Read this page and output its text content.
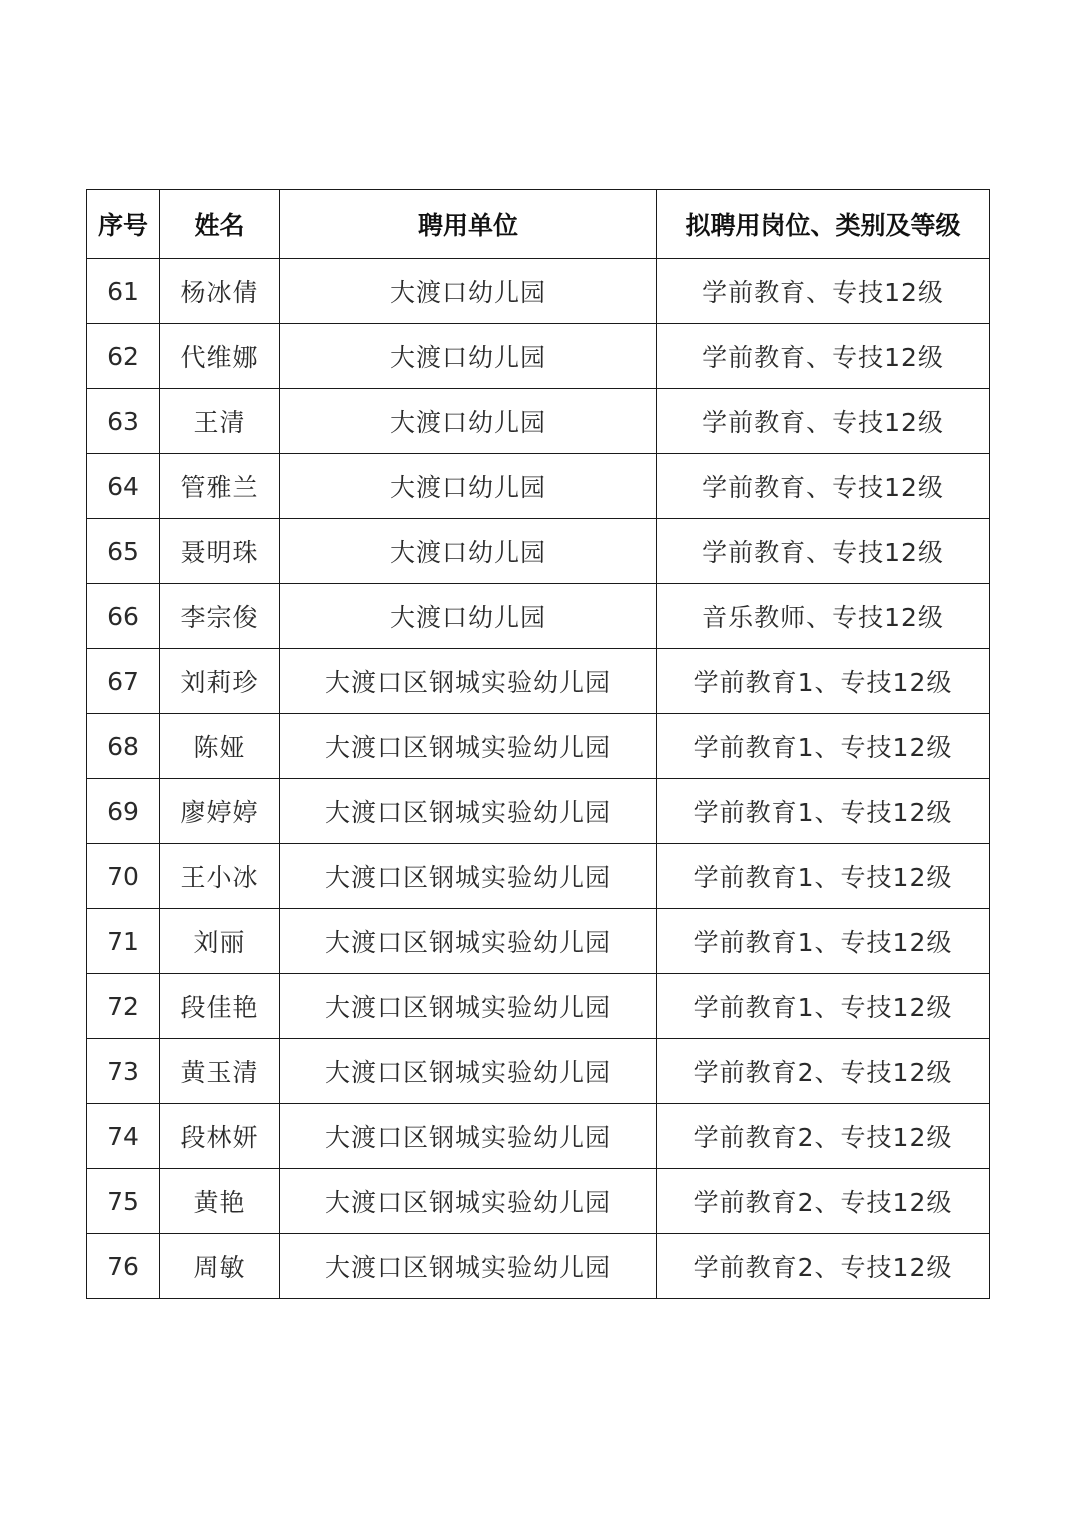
序号	姓名	聘用单位	拟聘用岗位、类别及等级
61	杨冰倩	大渡口幼儿园	学前教育、专技12级
62	代维娜	大渡口幼儿园	学前教育、专技12级
63	王清	大渡口幼儿园	学前教育、专技12级
64	管雅兰	大渡口幼儿园	学前教育、专技12级
65	聂明珠	大渡口幼儿园	学前教育、专技12级
66	李宗俊	大渡口幼儿园	音乐教师、专技12级
67	刘莉珍	大渡口区钢城实验幼儿园	学前教育1、专技12级
68	陈娅	大渡口区钢城实验幼儿园	学前教育1、专技12级
69	廖婷婷	大渡口区钢城实验幼儿园	学前教育1、专技12级
70	王小冰	大渡口区钢城实验幼儿园	学前教育1、专技12级
71	刘丽	大渡口区钢城实验幼儿园	学前教育1、专技12级
72	段佳艳	大渡口区钢城实验幼儿园	学前教育1、专技12级
73	黄玉清	大渡口区钢城实验幼儿园	学前教育2、专技12级
74	段林妍	大渡口区钢城实验幼儿园	学前教育2、专技12级
75	黄艳	大渡口区钢城实验幼儿园	学前教育2、专技12级
76	周敏	大渡口区钢城实验幼儿园	学前教育2、专技12级
